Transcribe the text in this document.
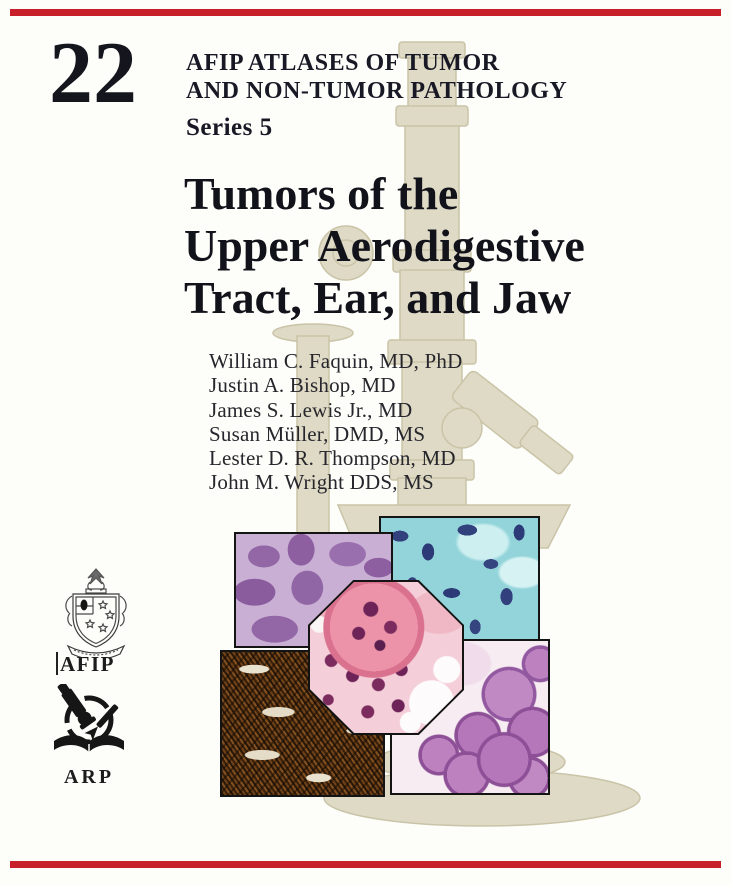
22 AFIP ATLASES OF TUMOR
AND NON-TUMOR PATHOLOGY
Series 5
Tumors of the
Upper Aerodigestive
Tract, Ear, and Jaw
William C. Faquin, MD, PhD
Justin A. Bishop, MD
James S. Lewis Jr., MD
Susan Müller, DMD, MS
Lester D. R. Thompson, MD
John M. Wright DDS, MS
AFIP
ARP
